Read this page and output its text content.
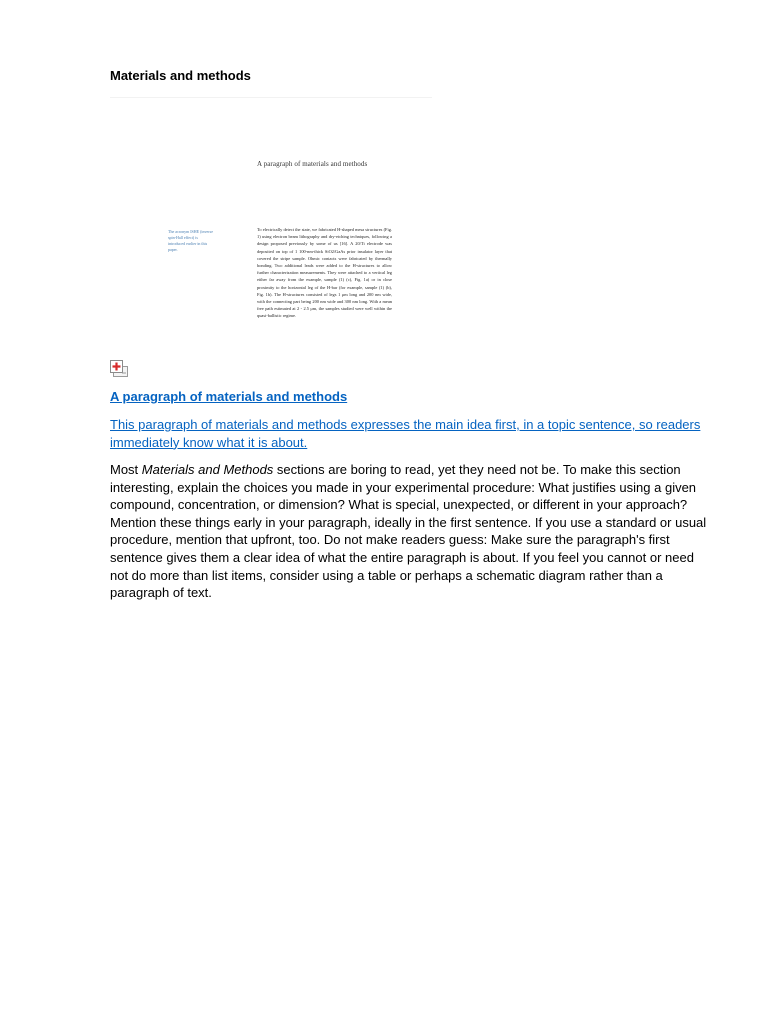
Materials and methods
A paragraph of materials and methods
The acronym ISHE (inverse spin-Hall effect) is introduced earlier in this paper.
To electrically detect the state, we fabricated H-shaped mesa structures (Fig. 1) using electron beam lithography and dry-etching techniques, following a design proposed previously by some of us [16]. A 20/Ti electrode was deposited on top of 1 100-nm-thick SiO2/GaAs prior insulator layer that covered the stripe sample. Ohmic contacts were fabricated by thermally bonding. Two additional leads were added to the H-structures to allow further characterization measurements. They were attached to a vertical leg either far away from the example, sample (1) (c), Fig. 1a) or in close proximity to the horizontal leg of the H-bar (for example, sample (1) (b), Fig. 1b). The H-structures consisted of legs 1 μm long and 200 nm wide, with the connecting part being 200 nm wide and 300 nm long. With a mean free path estimated at 2 - 2.5 μm, the samples studied were well within the quasi-ballistic regime.
A paragraph of materials and methods
This paragraph of materials and methods expresses the main idea first, in a topic sentence, so readers immediately know what it is about.

Most Materials and Methods sections are boring to read, yet they need not be. To make this section interesting, explain the choices you made in your experimental procedure: What justifies using a given compound, concentration, or dimension? What is special, unexpected, or different in your approach? Mention these things early in your paragraph, ideally in the first sentence. If you use a standard or usual procedure, mention that upfront, too. Do not make readers guess: Make sure the paragraph's first sentence gives them a clear idea of what the entire paragraph is about. If you feel you cannot or need not do more than list items, consider using a table or perhaps a schematic diagram rather than a paragraph of text.
